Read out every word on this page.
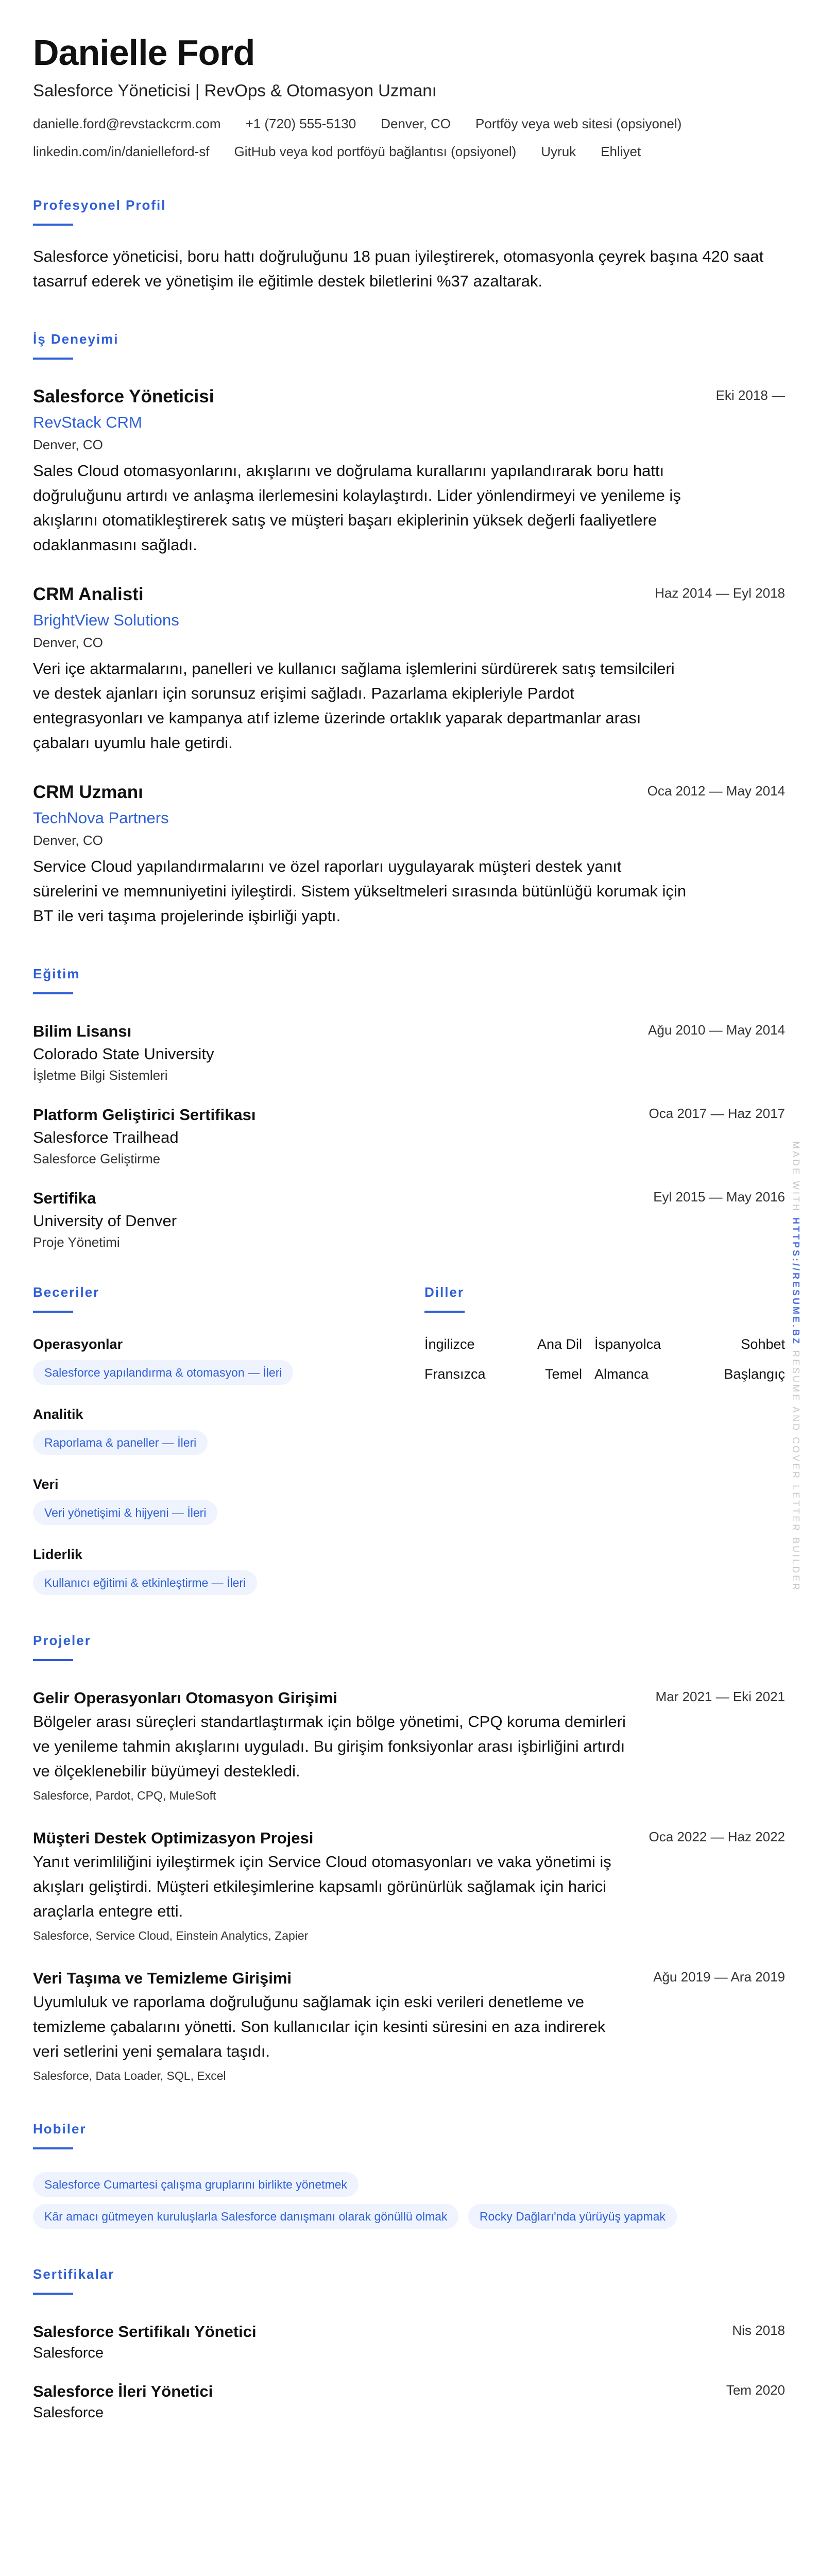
Danielle Ford
Salesforce Yöneticisi | RevOps & Otomasyon Uzmanı
danielle.ford@revstackcrm.com +1 (720) 555-5130 Denver, CO Portföy veya web sitesi (opsiyonel)
linkedin.com/in/danielleford-sf GitHub veya kod portföyü bağlantısı (opsiyonel) Uyruk Ehliyet
Profesyonel Profil
Salesforce yöneticisi, boru hattı doğruluğunu 18 puan iyileştirerek, otomasyonla çeyrek başına 420 saat tasarruf ederek ve yönetişim ile eğitimle destek biletlerini %37 azaltarak.
İş Deneyimi
Salesforce Yöneticisi	Eki 2018 —
RevStack CRM
Denver, CO
Sales Cloud otomasyonlarını, akışlarını ve doğrulama kurallarını yapılandırarak boru hattı doğruluğunu artırdı ve anlaşma ilerlemesini kolaylaştırdı. Lider yönlendirmeyi ve yenileme iş akışlarını otomatikleştirerek satış ve müşteri başarı ekiplerinin yüksek değerli faaliyetlere odaklanmasını sağladı.
CRM Analisti	Haz 2014 — Eyl 2018
BrightView Solutions
Denver, CO
Veri içe aktarmalarını, panelleri ve kullanıcı sağlama işlemlerini sürdürerek satış temsilcileri ve destek ajanları için sorunsuz erişimi sağladı. Pazarlama ekipleriyle Pardot entegrasyonları ve kampanya atıf izleme üzerinde ortaklık yaparak departmanlar arası çabaları uyumlu hale getirdi.
CRM Uzmanı	Oca 2012 — May 2014
TechNova Partners
Denver, CO
Service Cloud yapılandırmalarını ve özel raporları uygulayarak müşteri destek yanıt sürelerini ve memnuniyetini iyileştirdi. Sistem yükseltmeleri sırasında bütünlüğü korumak için BT ile veri taşıma projelerinde işbirliği yaptı.
Eğitim
Bilim Lisansı	Ağu 2010 — May 2014
Colorado State University
İşletme Bilgi Sistemleri
Platform Geliştirici Sertifikası	Oca 2017 — Haz 2017
Salesforce Trailhead
Salesforce Geliştirme
Sertifika	Eyl 2015 — May 2016
University of Denver
Proje Yönetimi
Beceriler
Operasyonlar
Salesforce yapılandırma & otomasyon — İleri
Analitik
Raporlama & paneller — İleri
Veri
Veri yönetişimi & hijyeni — İleri
Liderlik
Kullanıcı eğitimi & etkinleştirme — İleri
Diller
İngilizce	Ana Dil İspanyolca	Sohbet
Fransızca	Temel Almanca	Başlangıç
Projeler
Gelir Operasyonları Otomasyon Girişimi	Mar 2021 — Eki 2021
Bölgeler arası süreçleri standartlaştırmak için bölge yönetimi, CPQ koruma demirleri ve yenileme tahmin akışlarını uyguladı. Bu girişim fonksiyonlar arası işbirliğini artırdı ve ölçeklenebilir büyümeyi destekledi.
Salesforce, Pardot, CPQ, MuleSoft
Müşteri Destek Optimizasyon Projesi	Oca 2022 — Haz 2022
Yanıt verimliliğini iyileştirmek için Service Cloud otomasyonları ve vaka yönetimi iş akışları geliştirdi. Müşteri etkileşimlerine kapsamlı görünürlük sağlamak için harici araçlarla entegre etti.
Salesforce, Service Cloud, Einstein Analytics, Zapier
Veri Taşıma ve Temizleme Girişimi	Ağu 2019 — Ara 2019
Uyumluluk ve raporlama doğruluğunu sağlamak için eski verileri denetleme ve temizleme çabalarını yönetti. Son kullanıcılar için kesinti süresini en aza indirerek veri setlerini yeni şemalara taşıdı.
Salesforce, Data Loader, SQL, Excel
Hobiler
Salesforce Cumartesi çalışma gruplarını birlikte yönetmek
Kâr amacı gütmeyen kuruluşlarla Salesforce danışmanı olarak gönüllü olmak	Rocky Dağları'nda yürüyüş yapmak
Sertifikalar
Salesforce Sertifikalı Yönetici	Nis 2018
Salesforce
Salesforce İleri Yönetici	Tem 2020
Salesforce
MADE WITH HTTPS://RESUME.BZ RESUME AND COVER LETTER BUILDER
